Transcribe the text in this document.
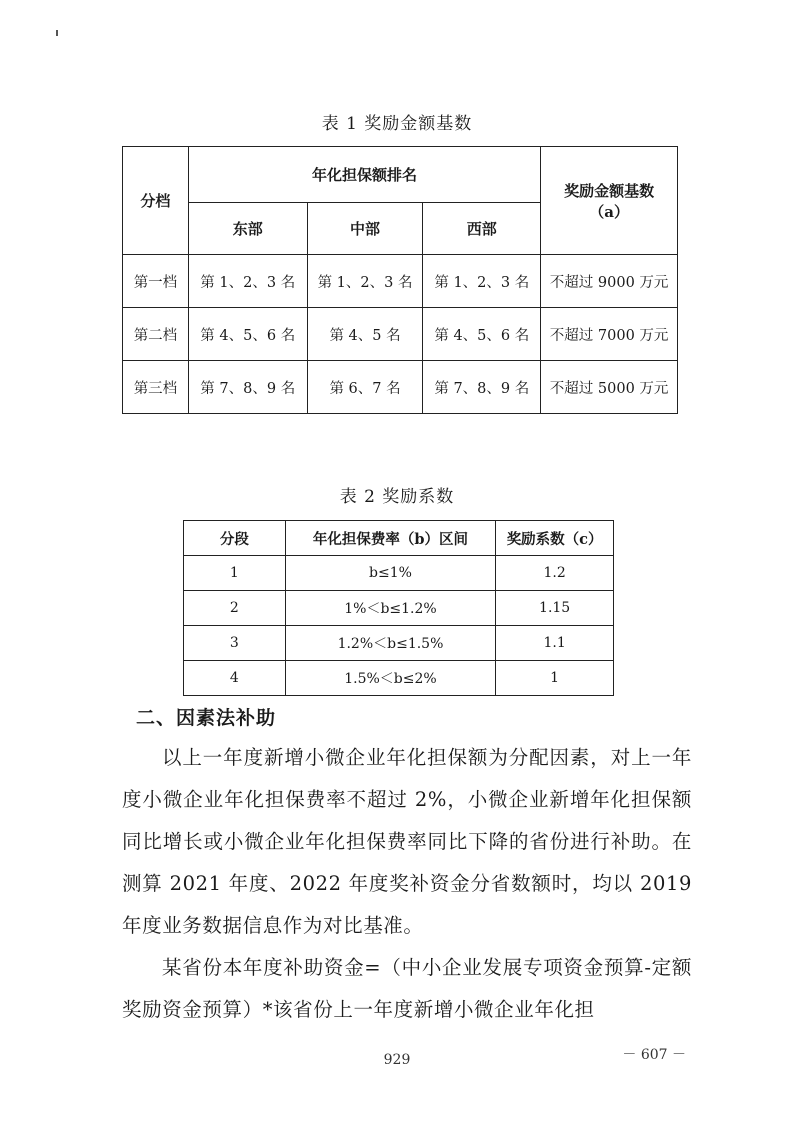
表 1 奖励金额基数
分档	年化担保额排名			奖励金额基数
（a）

	东部	中部	西部	
第一档	第 1、2、3 名	第 1、2、3 名	第 1、2、3 名	不超过 9000 万元
第二档	第 4、5、6 名	第 4、5 名	第 4、5、6 名	不超过 7000 万元
第三档	第 7、8、9 名	第 6、7 名	第 7、8、9 名	不超过 5000 万元
表 2 奖励系数
分段	年化担保费率（b）区间	奖励系数（c）
1	b≤1%	1.2
2	1%＜b≤1.2%	1.15
3	1.2%＜b≤1.5%	1.1
4	1.5%＜b≤2%	1
二、因素法补助
以上一年度新增小微企业年化担保额为分配因素，对上一年度小微企业年化担保费率不超过 2%，小微企业新增年化担保额同比增长或小微企业年化担保费率同比下降的省份进行补助。在测算 2021 年度、2022 年度奖补资金分省数额时，均以 2019 年度业务数据信息作为对比基准。
某省份本年度补助资金=（中小企业发展专项资金预算-定额奖励资金预算）*该省份上一年度新增小微企业年化担
－ 607 －
929
